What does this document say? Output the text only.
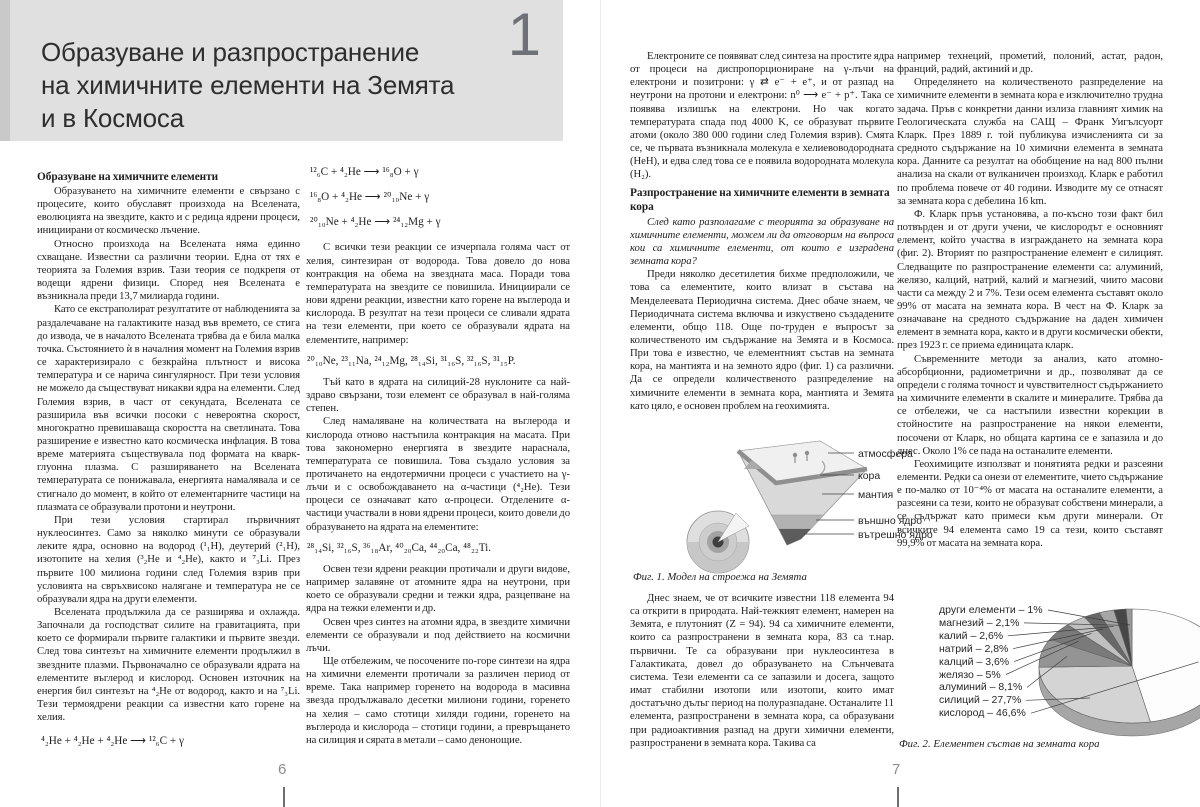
Образуване и разпространение
на химичните елементи на Земята
и в Космоса
1
Образуване на химичните елементи

Образуването на химичните елементи е свързано с процесите, които обуславят произхода на Вселената, еволюцията на звездите, както и с редица ядрени процеси, инициирани от космическо лъчение.

Относно произхода на Вселената няма единно схващане. Известни са различни теории. Една от тях е теорията за Големия взрив. Тази теория се подкрепя от водещи ядрени физици. Според нея Вселената е възникнала преди 13,7 милиарда години.

Като се екстраполират резултатите от наблюденията за раздалечаване на галактиките назад във времето, се стига до извода, че в началото Вселената трябва да е била малка точка. Състоянието ѝ в началния момент на Големия взрив се характеризирало с безкрайна плътност и висока температура и се нарича сингулярност. При тези условия не можело да съществуват никакви ядра на елементи. След Големия взрив, в част от секундата, Вселената се разширила във всички посоки с невероятна скорост, многократно превишаваща скоростта на светлината. Това разширение е известно като космическа инфлация. В това време материята съществувала под формата на кварк-глуонна плазма. С разширяването на Вселената температурата се понижавала, енергията намалявала и се стигнало до момент, в който от елементарните частици на плазмата се образували протони и неутрони.

При тези условия стартирал първичният нуклеосинтез. Само за няколко минути се образували леките ядра, основно на водород (¹₁H), деутерий (²₁H), изотопите на хелия (³₂He и ⁴₂He), както и ⁷₃Li. През първите 100 милиона години след Големия взрив при условията на свръхвисоко налягане и температура не се образували ядра на други елементи.

Вселената продължила да се разширява и охлажда. Започнали да господстват силите на гравитацията, при което се формирали първите галактики и първите звезди. След това синтезът на химичните елементи продължил в звездните плазми. Първоначално се образували ядрата на елементите въглерод и кислород. Основен източник на енергия бил синтезът на ⁴₂He от водород, както и на ⁷₃Li. Тези термоядрени реакции са известни като горене на хелия.

⁴₂He + ⁴₂He + ⁴₂He ⟶ ¹²₆C + γ
¹²₆C + ⁴₂He ⟶ ¹⁶₈O + γ
¹⁶₈O + ⁴₂He ⟶ ²⁰₁₀Ne + γ
²⁰₁₀Ne + ⁴₂He ⟶ ²⁴₁₂Mg + γ

С всички тези реакции се изчерпала голяма част от хелия, синтезиран от водорода. Това довело до нова контракция на обема на звездната маса. Поради това температурата на звездите се повишила. Инициирали се нови ядрени реакции, известни като горене на въглерода и кислорода. В резултат на тези процеси се сливали ядрата на тези елементи, при което се образували ядрата на елементите, например:

²⁰₁₀Ne, ²³₁₁Na, ²⁴₁₂Mg, ²⁸₁₄Si, ³¹₁₆S, ³²₁₆S, ³¹₁₅P.

Тъй като в ядрата на силиций-28 нуклоните са най-здраво свързани, този елемент се образувал в най-голяма степен.

След намаляване на количествата на въглерода и кислорода отново настъпила контракция на масата. При това закономерно енергията в звездите нараснала, температурата се повишила. Това създало условия за протичането на ендотермични процеси с участието на γ-лъчи и с освобождаването на α-частици (⁴₂He). Тези процеси се означават като α-процеси. Отделените α-частици участвали в нови ядрени процеси, които довели до образуването на ядрата на елементите:

²⁸₁₄Si, ³²₁₆S, ³⁶₁₈Ar, ⁴⁰₂₀Ca, ⁴⁴₂₀Ca, ⁴⁸₂₂Ti.

Освен тези ядрени реакции протичали и други видове, например залавяне от атомните ядра на неутрони, при което се образували средни и тежки ядра, разцепване на ядра на тежки елементи и др.

Освен чрез синтез на атомни ядра, в звездите химични елементи се образували и под действието на космични лъчи.

Ще отбележим, че посочените по-горе синтези на ядра на химични елементи протичали за различен период от време. Така например горенето на водорода в масивна звезда продължавало десетки милиони години, горенето на хелия – само стотици хиляди години, горенето на въглерода и кислорода – стотици години, а превръщането на силиция и сярата в метали – само денонощие.

6

Електроните се появяват след синтеза на простите ядра от процеси на диспропорциониране на γ-лъчи на електрони и позитрони: γ ⇄ e⁻ + e⁺, и от разпад на неутрони на протони и електрони: n⁰ ⟶ e⁻ + p⁺. Така се появява излишък на електрони. Но чак когато температурата спада под 4000 K, се образуват първите атоми (около 380 000 години след Големия взрив). Смята се, че първата възникнала молекула е хелиевоводородната (HeH), и едва след това се е появила водородната молекула (H₂).

Разпространение на химичните елементи в земната кора

След като разполагаме с теорията за образуване на химичните елементи, можем ли да отговорим на въпроса кои са химичните елементи, от които е изградена земната кора?

Преди няколко десетилетия бихме предположили, че това са елементите, които влизат в състава на Менделеевата Периодична система. Днес обаче знаем, че Периодичната система включва и изкуствено създадените елементи, общо 118. Още по-труден е въпросът за количественото им съдържание на Земята и в Космоса. При това е известно, че елементният състав на земната кора, на мантията и на земното ядро (фиг. 1) са различни. Да се определи количественото разпределение на химичните елементи в земната кора, мантията и Земята като цяло, е основен проблем на геохимията.

атмосфера
кора
мантия
външно ядро
вътрешно ядро
Фиг. 1. Модел на строежа на Земята

Днес знаем, че от всичките известни 118 елемента 94 са открити в природата. Най-тежкият елемент, намерен на Земята, е плутоният (Z = 94). 94 са химичните елементи, които са разпространени в земната кора, 83 са т.нар. първични. Те са образувани при нуклеосинтеза в Галактиката, довел до образуването на Слънчевата система. Тези елементи са се запазили и досега, защото имат стабилни изотопи или изотопи, които имат достатъчно дълъг период на полуразпадане. Останалите 11 елемента, разпространени в земната кора, са образувани при радиоактивния разпад на други химични елементи, разпространени в земната кора. Такива са

например технеций, прометий, полоний, астат, радон, франций, радий, актиний и др.

Определянето на количественото разпределение на химичните елементи в земната кора е изключително трудна задача. Пръв с конкретни данни излиза главният химик на Геологическата служба на САЩ – Франк Уигълсуорт Кларк. През 1889 г. той публикува изчисленията си за средното съдържание на 10 химични елемента в земната кора. Данните са резултат на обобщение на над 800 пълни анализа на скали от вулканичен произход. Кларк е работил по проблема повече от 40 години. Изводите му се отнасят за земната кора с дебелина 16 km.

Ф. Кларк пръв установява, а по-късно този факт бил потвърден и от други учени, че кислородът е основният елемент, който участва в изграждането на земната кора (фиг. 2). Вторият по разпространение елемент е силицият. Следващите по разпространение елементи са: алуминий, желязо, калций, натрий, калий и магнезий, чиито масови части са между 2 и 7%. Тези осем елемента съставят около 99% от масата на земната кора. В чест на Ф. Кларк за означаване на средното съдържание на даден химичен елемент в земната кора, както и в други космически обекти, през 1923 г. се приема единицата кларк.

Съвременните методи за анализ, като атомно-абсорбционни, радиометрични и др., позволяват да се определи с голяма точност и чувствителност съдържанието на химичните елементи в скалите и минералите. Трябва да се отбележи, че са настъпили известни корекции в стойностите на разпространение на някои елементи, посочени от Кларк, но общата картина се е запазила и до днес. Около 1% се пада на останалите елементи.

Геохимиците използват и понятията редки и разсеяни елементи. Редки са онези от елементите, чието съдържание е по-малко от 10⁻⁴% от масата на останалите елементи, а разсеяни са тези, които не образуват собствени минерали, а се съдържат като примеси към други минерали. От всичките 94 елемента само 19 са тези, които съставят 99,9% от масата на земната кора.

други елементи – 1%
магнезий – 2,1%
калий – 2,6%
натрий – 2,8%
калций – 3,6%
желязо – 5%
алуминий – 8,1%
силиций – 27,7%
кислород – 46,6%
Фиг. 2. Елементен състав на земната кора
7
